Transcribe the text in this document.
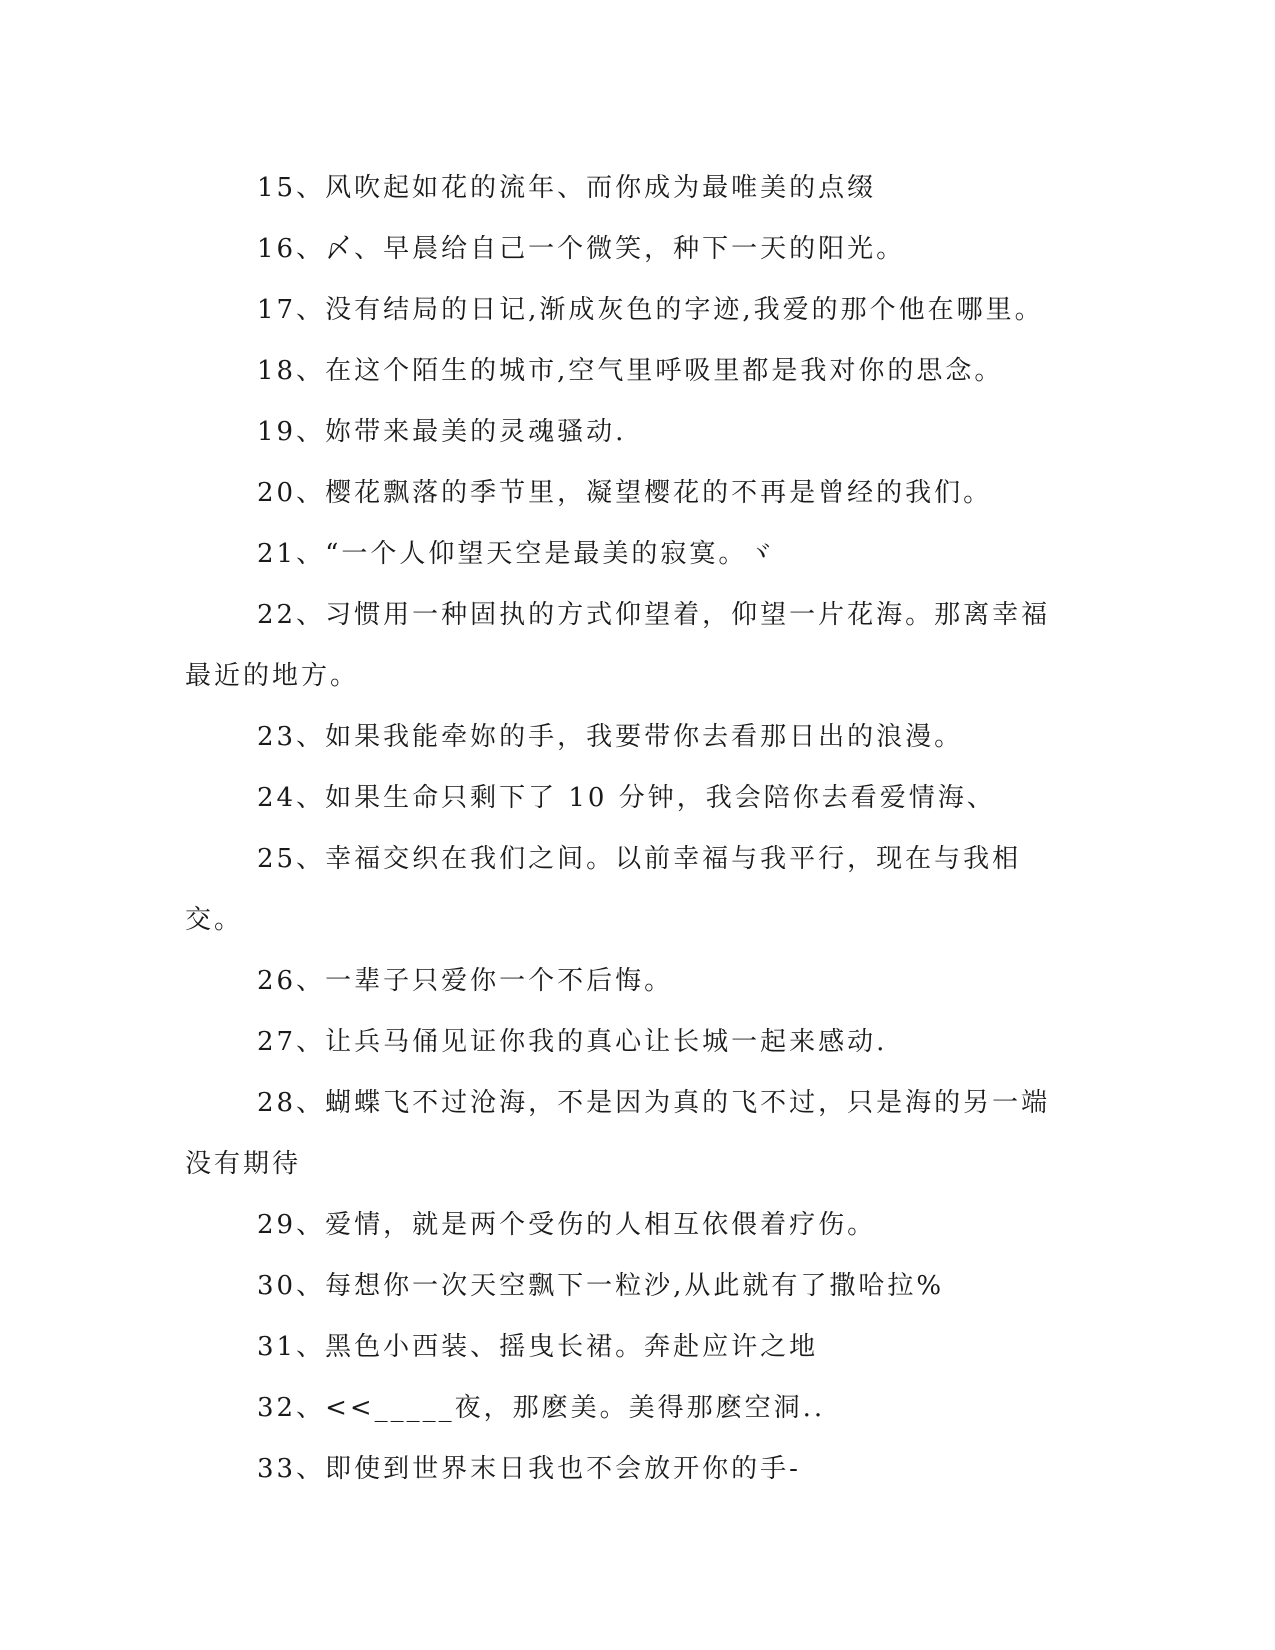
15、风吹起如花的流年、而你成为最唯美的点缀

16、〆、早晨给自己一个微笑，种下一天的阳光。

17、没有结局的日记,渐成灰色的字迹,我爱的那个他在哪里。

18、在这个陌生的城市,空气里呼吸里都是我对你的思念。

19、妳带来最美的灵魂骚动.

20、樱花飘落的季节里，凝望樱花的不再是曾经的我们。

21、“一个人仰望天空是最美的寂寞。ヾ

22、习惯用一种固执的方式仰望着，仰望一片花海。那离幸福最近的地方。

23、如果我能牵妳的手，我要带你去看那日出的浪漫。

24、如果生命只剩下了 10 分钟，我会陪你去看爱情海、

25、幸福交织在我们之间。以前幸福与我平行，现在与我相交。

26、一辈子只爱你一个不后悔。

27、让兵马俑见证你我的真心让长城一起来感动.

28、蝴蝶飞不过沧海，不是因为真的飞不过，只是海的另一端没有期待

29、爱情，就是两个受伤的人相互依偎着疗伤。

30、每想你一次天空飘下一粒沙,从此就有了撒哈拉%

31、黑色小西装、摇曳长裙。奔赴应许之地

32、<<_____夜，那麽美。美得那麽空洞..

33、即使到世界末日我也不会放开你的手-
